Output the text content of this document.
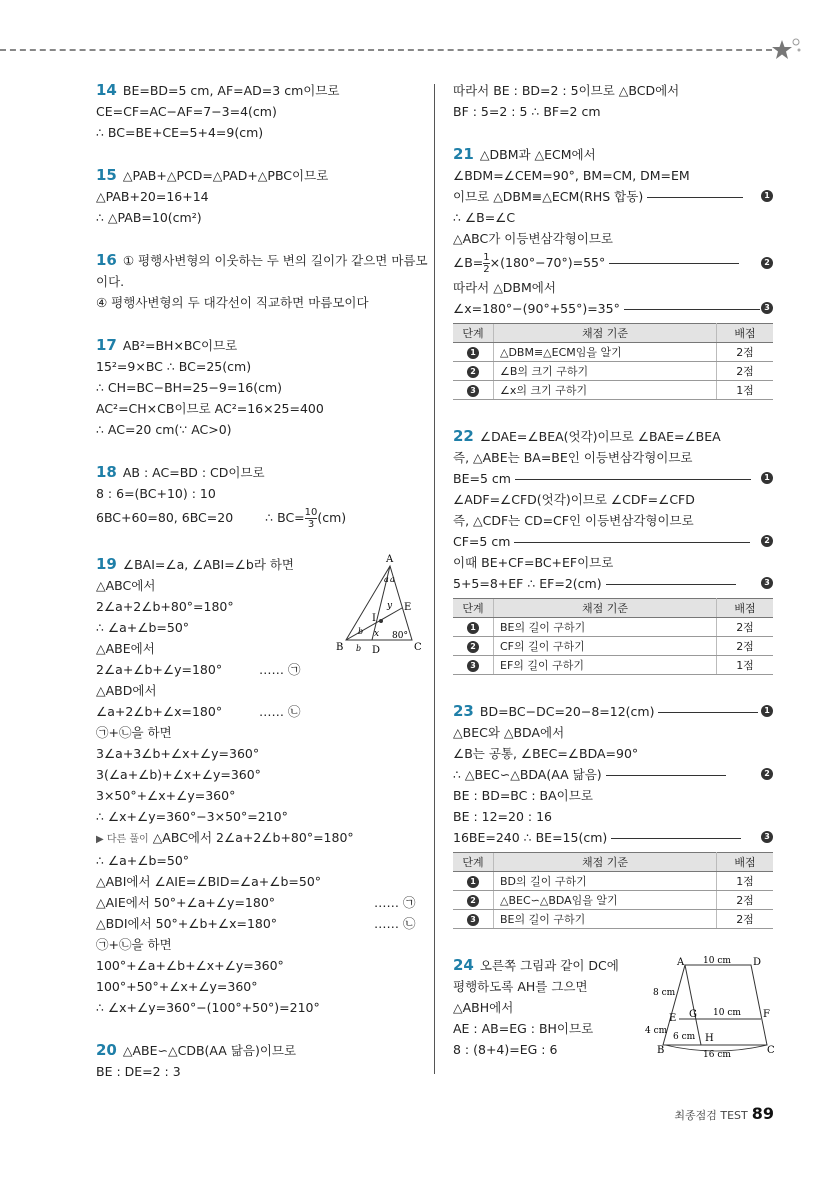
14 BE=BD=5 cm, AF=AD=3 cm이므로
CE=CF=AC−AF=7−3=4(cm)
∴ BC=BE+CE=5+4=9(cm)
15 △PAB+△PCD=△PAD+△PBC이므로
△PAB+20=16+14
∴ △PAB=10(cm²)
16 ① 평행사변형의 이웃하는 두 변의 길이가 같으면 마름모
이다.
④ 평행사변형의 두 대각선이 직교하면 마름모이다
17 AB²=BH×BC이므로
15²=9×BC ∴ BC=25(cm)
∴ CH=BC−BH=25−9=16(cm)
AC²=CH×CB이므로 AC²=16×25=400
∴ AC=20 cm(∵ AC>0)
18 AB : AC=BD : CD이므로
8 : 6=(BC+10) : 10
6BC+60=80, 6BC=20	∴ $BC= \frac{10}{3} (cm)$
A
B	C
D
E
I
a a
y
x
b
b
80°
19 ∠BAI=∠a, ∠ABI=∠b라 하면
△ABC에서
2∠a+2∠b+80°=180°
∴ ∠a+∠b=50°
△ABE에서
2∠a+∠b+∠y=180°	…… ㉠
△ABD에서
∠a+2∠b+∠x=180°	…… ㉡
㉠+㉡을 하면
3∠a+3∠b+∠x+∠y=360°
3(∠a+∠b)+∠x+∠y=360°
3×50°+∠x+∠y=360°
∴ ∠x+∠y=360°−3×50°=210°
▶ 다른 풀이 △ABC에서 2∠a+2∠b+80°=180°
∴ ∠a+∠b=50°
△ABI에서 ∠AIE=∠BID=∠a+∠b=50°
△AIE에서 50°+∠a+∠y=180°	…… ㉠
△BDI에서 50°+∠b+∠x=180°	…… ㉡
㉠+㉡을 하면
100°+∠a+∠b+∠x+∠y=360°
100°+50°+∠x+∠y=360°
∴ ∠x+∠y=360°−(100°+50°)=210°
20 △ABE∽△CDB(AA 닮음)이므로
BE : DE=2 : 3
따라서 BE : BD=2 : 5이므로 △BCD에서
BF : 5=2 : 5 ∴ BF=2 cm
21 △DBM과 △ECM에서
∠BDM=∠CEM=90°, BM=CM, DM=EM
이므로 △DBM≡△ECM(RHS 합동)	1
∴ ∠B=∠C
△ABC가 이등변삼각형이므로
∠B= $\frac{1}{2} \times(180^\circ-70^\circ)=55^\circ$	2
따라서 △DBM에서
∠x=180°−(90°+55°)=35°	3
단계	채점 기준	배점
1	△DBM≡△ECM임을 알기	2점
2	∠B의 크기 구하기	2점
3	∠x의 크기 구하기	1점
22 ∠DAE=∠BEA(엇각)이므로 ∠BAE=∠BEA
즉, △ABE는 BA=BE인 이등변삼각형이므로
BE=5 cm	1
∠ADF=∠CFD(엇각)이므로 ∠CDF=∠CFD
즉, △CDF는 CD=CF인 이등변삼각형이므로
CF=5 cm	2
이때 BE+CF=BC+EF이므로
5+5=8+EF ∴ EF=2(cm)	3
단계	채점 기준	배점
1	BE의 길이 구하기	2점
2	CF의 길이 구하기	2점
3	EF의 길이 구하기	1점
23 BD=BC−DC=20−8=12(cm)	1
△BEC와 △BDA에서
∠B는 공통, ∠BEC=∠BDA=90°
∴ △BEC∽△BDA(AA 닮음)	2
BE : BD=BC : BA이므로
BE : 12=20 : 16
16BE=240 ∴ BE=15(cm)	3
단계	채점 기준	배점
1	BD의 길이 구하기	1점
2	△BEC∽△BDA임을 알기	2점
3	BE의 길이 구하기	2점
A	D
E G	F
H
B	C
10 cm
10 cm
8 cm
4 cm
6 cm
16 cm
24 오른쪽 그림과 같이 DC에
평행하도록 AH를 그으면
△ABH에서
AE : AB=EG : BH이므로
8 : (8+4)=EG : 6
최종점검 TEST 89
